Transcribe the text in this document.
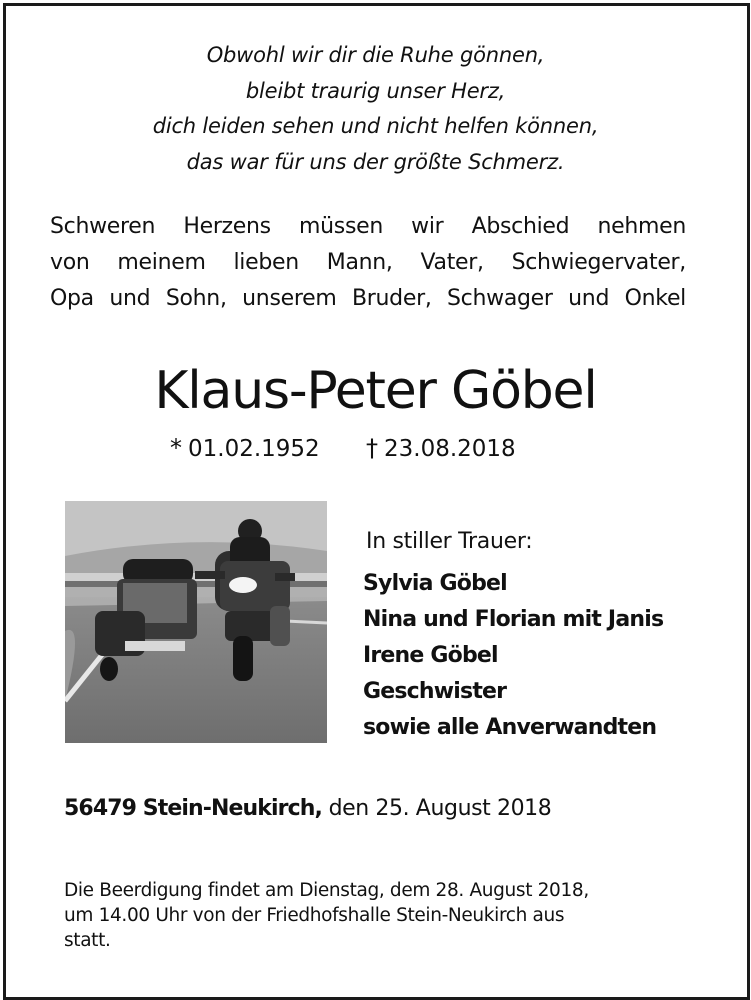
Obwohl wir dir die Ruhe gönnen,
bleibt traurig unser Herz,
dich leiden sehen und nicht helfen können,
das war für uns der größte Schmerz.
Schweren Herzens müssen wir Abschied nehmen
von meinem lieben Mann, Vater, Schwiegervater,
Opa und Sohn, unserem Bruder, Schwager und Onkel
Klaus-Peter Göbel
* 01.02.1952 † 23.08.2018
In stiller Trauer:
Sylvia Göbel
Nina und Florian mit Janis
Irene Göbel
Geschwister
sowie alle Anverwandten
56479 Stein-Neukirch, den 25. August 2018
Die Beerdigung findet am Dienstag, dem 28. August 2018,
um 14.00 Uhr von der Friedhofshalle Stein-Neukirch aus
statt.
